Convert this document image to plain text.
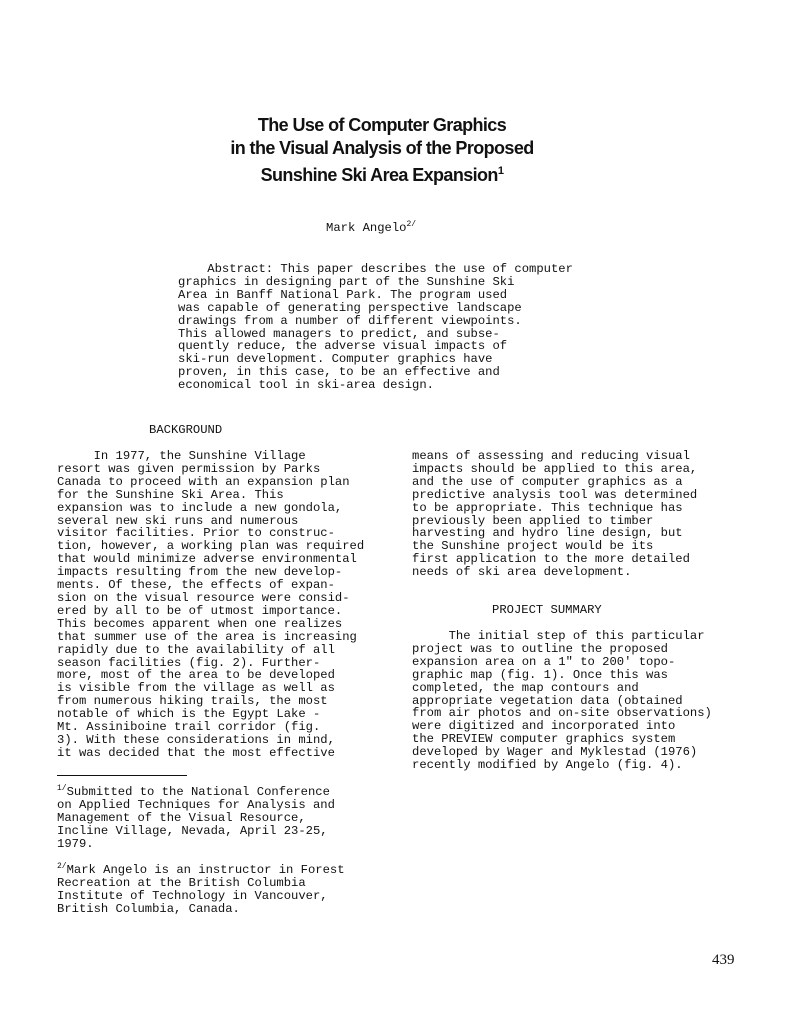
The Use of Computer Graphics
in the Visual Analysis of the Proposed
Sunshine Ski Area Expansion$^1$
Mark Angelo$^{2/}$
Abstract: This paper describes the use of computer
graphics in designing part of the Sunshine Ski
Area in Banff National Park. The program used
was capable of generating perspective landscape
drawings from a number of different viewpoints.
This allowed managers to predict, and subse-
quently reduce, the adverse visual impacts of
ski-run development. Computer graphics have
proven, in this case, to be an effective and
economical tool in ski-area design.
BACKGROUND
In 1977, the Sunshine Village
resort was given permission by Parks
Canada to proceed with an expansion plan
for the Sunshine Ski Area. This
expansion was to include a new gondola,
several new ski runs and numerous
visitor facilities. Prior to construc-
tion, however, a working plan was required
that would minimize adverse environmental
impacts resulting from the new develop-
ments. Of these, the effects of expan-
sion on the visual resource were consid-
ered by all to be of utmost importance.
This becomes apparent when one realizes
that summer use of the area is increasing
rapidly due to the availability of all
season facilities (fig. 2). Further-
more, most of the area to be developed
is visible from the village as well as
from numerous hiking trails, the most
notable of which is the Egypt Lake -
Mt. Assiniboine trail corridor (fig.
3). With these considerations in mind,
it was decided that the most effective
means of assessing and reducing visual
impacts should be applied to this area,
and the use of computer graphics as a
predictive analysis tool was determined
to be appropriate. This technique has
previously been applied to timber
harvesting and hydro line design, but
the Sunshine project would be its
first application to the more detailed
needs of ski area development.
PROJECT SUMMARY
The initial step of this particular
project was to outline the proposed
expansion area on a 1" to 200' topo-
graphic map (fig. 1). Once this was
completed, the map contours and
appropriate vegetation data (obtained
from air photos and on-site observations)
were digitized and incorporated into
the PREVIEW computer graphics system
developed by Wager and Myklestad (1976)
recently modified by Angelo (fig. 4).
$^{1/}$Submitted to the National Conference
on Applied Techniques for Analysis and
Management of the Visual Resource,
Incline Village, Nevada, April 23-25,
1979.
$^{2/}$Mark Angelo is an instructor in Forest
Recreation at the British Columbia
Institute of Technology in Vancouver,
British Columbia, Canada.
439
